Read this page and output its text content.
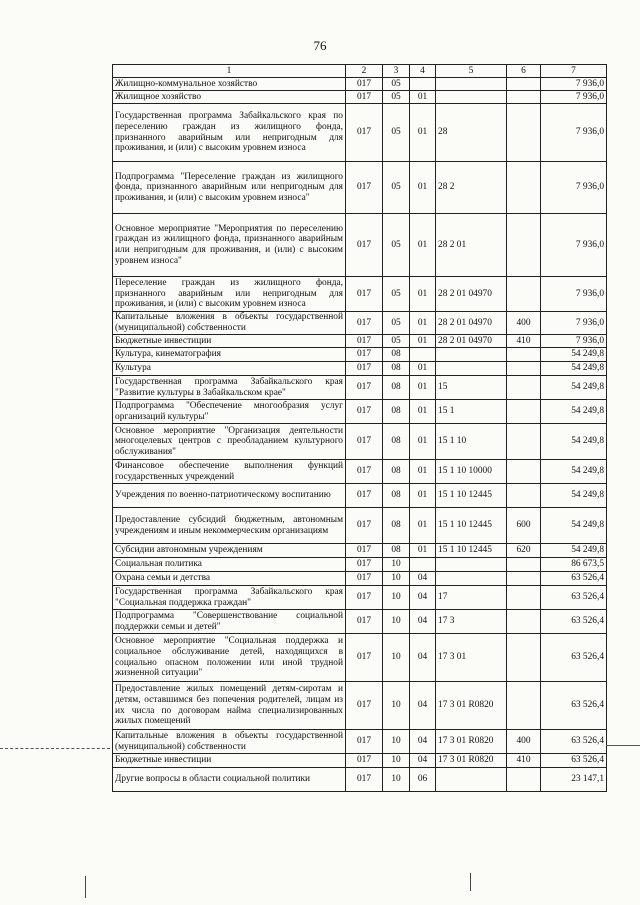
76
1	2	3	4	5	6	7
Жилищно-коммунальное хозяйство	017	05				7 936,0
Жилищное хозяйство	017	05	01			7 936,0
Государственная программа Забайкальского края по переселению граждан из жилищного фонда, признанного аварийным или непригодным для проживания, и (или) с высоким уровнем износа	017	05	01	28		7 936,0
Подпрограмма "Переселение граждан из жилищного фонда, признанного аварийным или непригодным для проживания, и (или) с высоким уровнем износа"	017	05	01	28 2		7 936,0
Основное мероприятие "Мероприятия по переселению граждан из жилищного фонда, признанного аварийным или непригодным для проживания, и (или) с высоким уровнем износа"	017	05	01	28 2 01		7 936,0
Переселение граждан из жилищного фонда, признанного аварийным или непригодным для проживания, и (или) с высоким уровнем износа	017	05	01	28 2 01 04970		7 936,0
Капитальные вложения в объекты государственной (муниципальной) собственности	017	05	01	28 2 01 04970	400	7 936,0
Бюджетные инвестиции	017	05	01	28 2 01 04970	410	7 936,0
Культура, кинематография	017	08				54 249,8
Культура	017	08	01			54 249,8
Государственная программа Забайкальского края "Развитие культуры в Забайкальском крае"	017	08	01	15		54 249,8
Подпрограмма "Обеспечение многообразия услуг организаций культуры"	017	08	01	15 1		54 249,8
Основное мероприятие "Организация деятельности многоцелевых центров с преобладанием культурного обслуживания"	017	08	01	15 1 10		54 249,8
Финансовое обеспечение выполнения функций государственных учреждений	017	08	01	15 1 10 10000		54 249,8
Учреждения по военно-патриотическому воспитанию	017	08	01	15 1 10 12445		54 249,8
Предоставление субсидий бюджетным, автономным учреждениям и иным некоммерческим организациям	017	08	01	15 1 10 12445	600	54 249,8
Субсидии автономным учреждениям	017	08	01	15 1 10 12445	620	54 249,8
Социальная политика	017	10				86 673,5
Охрана семьи и детства	017	10	04			63 526,4
Государственная программа Забайкальского края "Социальная поддержка граждан"	017	10	04	17		63 526,4
Подпрограмма "Совершенствование социальной поддержки семьи и детей"	017	10	04	17 3		63 526,4
Основное мероприятие "Социальная поддержка и социальное обслуживание детей, находящихся в социально опасном положении или иной трудной жизненной ситуации"	017	10	04	17 3 01		63 526,4
Предоставление жилых помещений детям-сиротам и детям, оставшимся без попечения родителей, лицам из их числа по договорам найма специализированных жилых помещений	017	10	04	17 3 01 R0820		63 526,4
Капитальные вложения в объекты государственной (муниципальной) собственности	017	10	04	17 3 01 R0820	400	63 526,4
Бюджетные инвестиции	017	10	04	17 3 01 R0820	410	63 526,4
Другие вопросы в области социальной политики	017	10	06			23 147,1
